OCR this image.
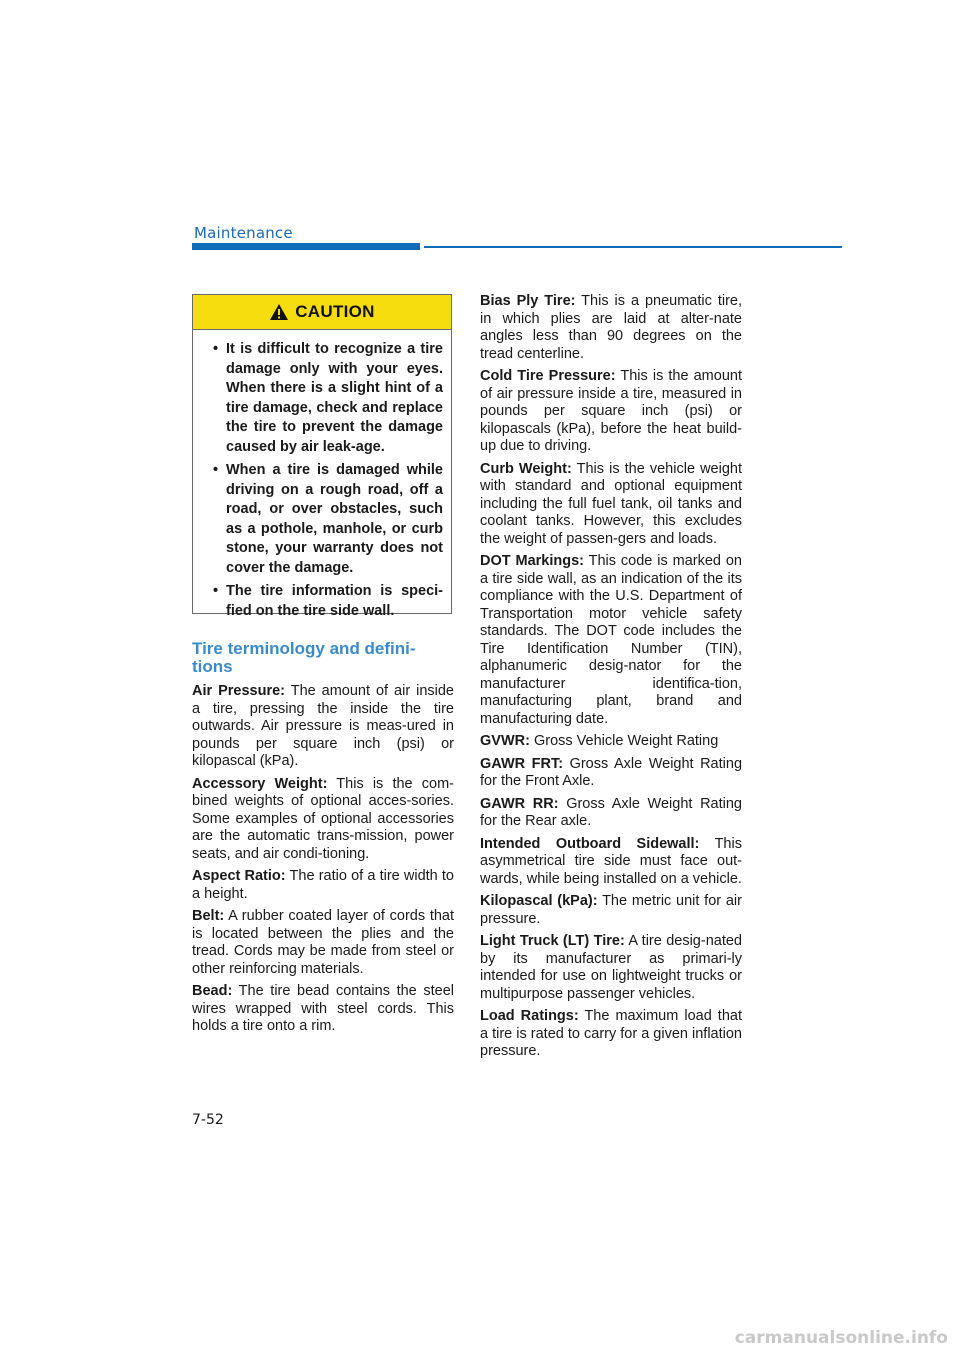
Maintenance
CAUTION
• It is difficult to recognize a tire damage only with your eyes. When there is a slight hint of a tire damage, check and replace the tire to prevent the damage caused by air leak-age.
• When a tire is damaged while driving on a rough road, off a road, or over obstacles, such as a pothole, manhole, or curb stone, your warranty does not cover the damage.
• The tire information is speci-fied on the tire side wall.
Tire terminology and defini-tions

Air Pressure: The amount of air inside a tire, pressing the inside the tire outwards. Air pressure is meas-ured in pounds per square inch (psi) or kilopascal (kPa).

Accessory Weight: This is the com-bined weights of optional acces-sories. Some examples of optional accessories are the automatic trans-mission, power seats, and air condi-tioning.

Aspect Ratio: The ratio of a tire width to a height.

Belt: A rubber coated layer of cords that is located between the plies and the tread. Cords may be made from steel or other reinforcing materials.

Bead: The tire bead contains the steel wires wrapped with steel cords. This holds a tire onto a rim.

Bias Ply Tire: This is a pneumatic tire, in which plies are laid at alter-nate angles less than 90 degrees on the tread centerline.

Cold Tire Pressure: This is the amount of air pressure inside a tire, measured in pounds per square inch (psi) or kilopascals (kPa), before the heat build-up due to driving.

Curb Weight: This is the vehicle weight with standard and optional equipment including the full fuel tank, oil tanks and coolant tanks. However, this excludes the weight of passen-gers and loads.

DOT Markings: This code is marked on a tire side wall, as an indication of the its compliance with the U.S. Department of Transportation motor vehicle safety standards. The DOT code includes the Tire Identification Number (TIN), alphanumeric desig-nator for the manufacturer identifica-tion, manufacturing plant, brand and manufacturing date.

GVWR: Gross Vehicle Weight Rating

GAWR FRT: Gross Axle Weight Rating for the Front Axle.

GAWR RR: Gross Axle Weight Rating for the Rear axle.

Intended Outboard Sidewall: This asymmetrical tire side must face out-wards, while being installed on a vehicle.

Kilopascal (kPa): The metric unit for air pressure.

Light Truck (LT) Tire: A tire desig-nated by its manufacturer as primari-ly intended for use on lightweight trucks or multipurpose passenger vehicles.

Load Ratings: The maximum load that a tire is rated to carry for a given inflation pressure.

7-52
carmanualsonline.info
